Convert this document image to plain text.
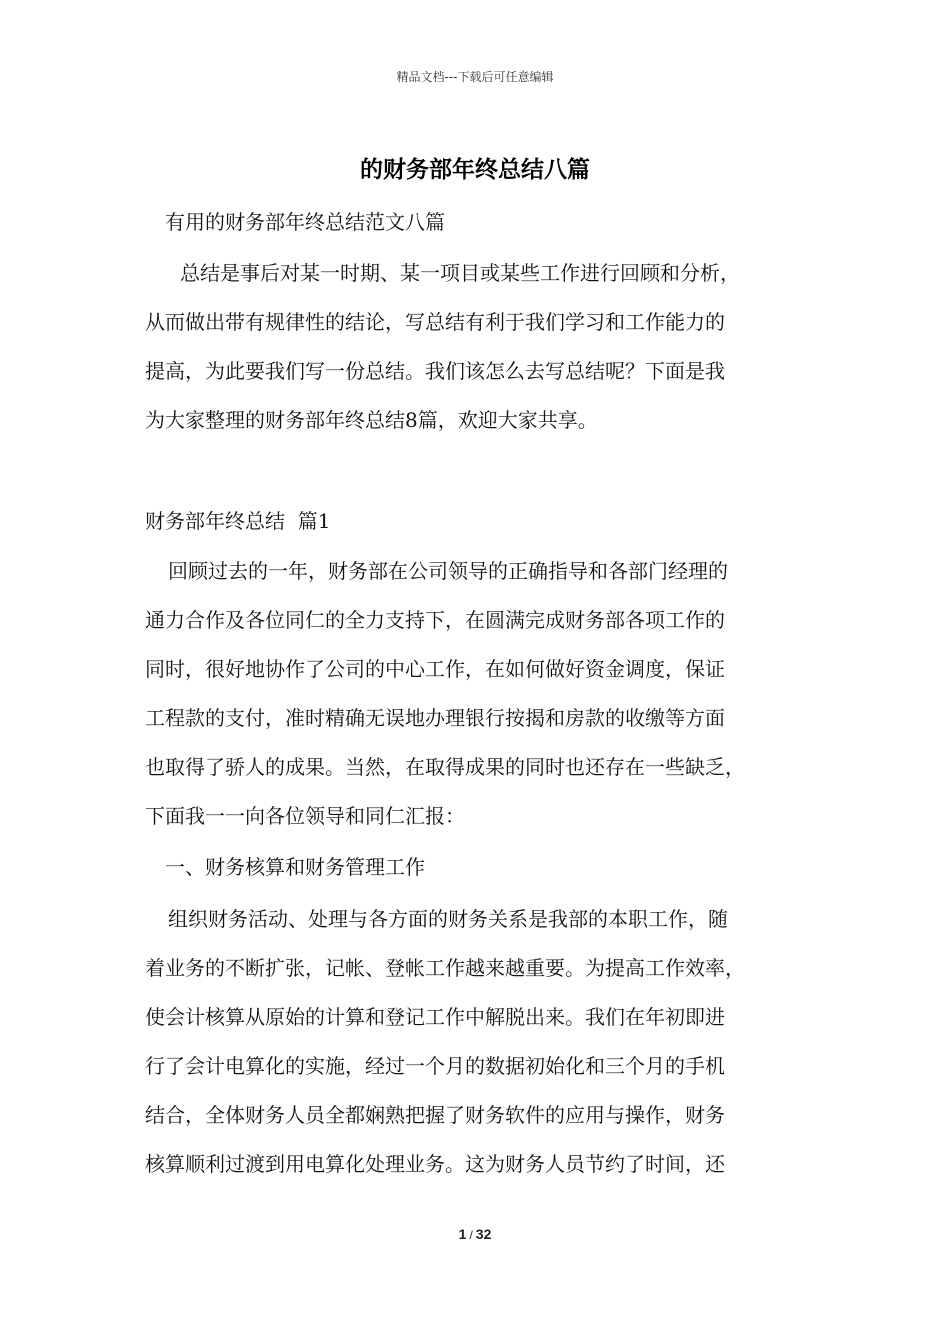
精品文档---下载后可任意编辑
的财务部年终总结八篇
有用的财务部年终总结范文八篇
总结是事后对某一时期、某一项目或某些工作进行回顾和分析，
从而做出带有规律性的结论，写总结有利于我们学习和工作能力的
提高，为此要我们写一份总结。我们该怎么去写总结呢？下面是我
为大家整理的财务部年终总结8篇，欢迎大家共享。
财务部年终总结  篇1
回顾过去的一年，财务部在公司领导的正确指导和各部门经理的
通力合作及各位同仁的全力支持下，在圆满完成财务部各项工作的
同时，很好地协作了公司的中心工作，在如何做好资金调度，保证
工程款的支付，准时精确无误地办理银行按揭和房款的收缴等方面
也取得了骄人的成果。当然，在取得成果的同时也还存在一些缺乏，
下面我一一向各位领导和同仁汇报：
一、财务核算和财务管理工作
组织财务活动、处理与各方面的财务关系是我部的本职工作，随
着业务的不断扩张，记帐、登帐工作越来越重要。为提高工作效率，
使会计核算从原始的计算和登记工作中解脱出来。我们在年初即进
行了会计电算化的实施，经过一个月的数据初始化和三个月的手机
结合，全体财务人员全都娴熟把握了财务软件的应用与操作，财务
核算顺利过渡到用电算化处理业务。这为财务人员节约了时间，还
1 / 32
